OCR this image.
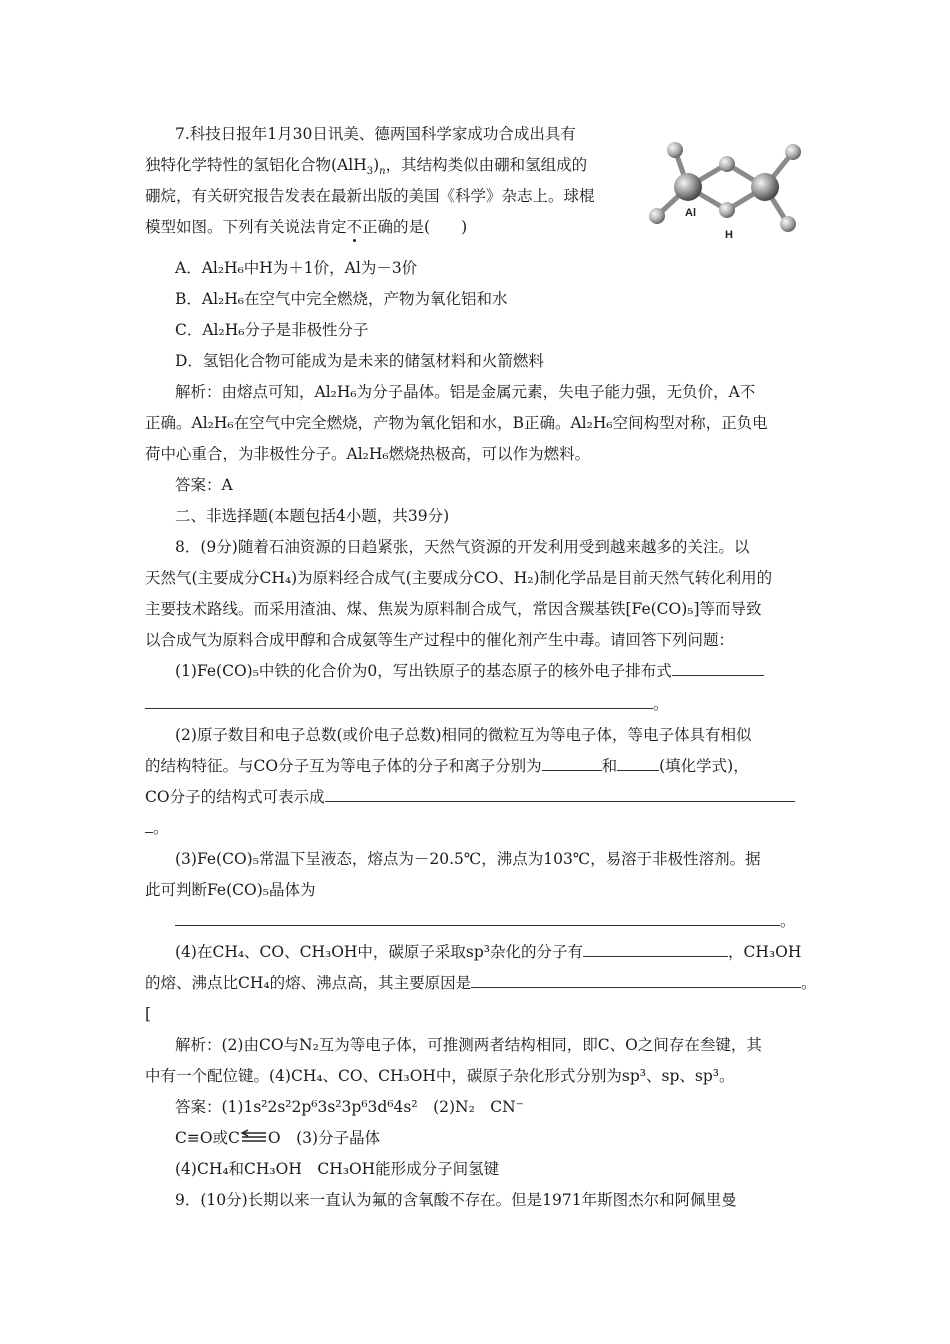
7.科技日报年1月30日讯美、德两国科学家成功合成出具有
独特化学特性的氢铝化合物$(AlH_3)_n$，其结构类似由硼和氢组成的
硼烷，有关研究报告发表在最新出版的美国《科学》杂志上。球棍
模型如图。下列有关说法肯定不正确的是(　　)
Al
H
A．Al₂H₆中H为＋1价，Al为－3价
B．Al₂H₆在空气中完全燃烧，产物为氧化铝和水
C．Al₂H₆分子是非极性分子
D．氢铝化合物可能成为是未来的储氢材料和火箭燃料
解析：由熔点可知，Al₂H₆为分子晶体。铝是金属元素，失电子能力强，无负价，A不
正确。Al₂H₆在空气中完全燃烧，产物为氧化铝和水，B正确。Al₂H₆空间构型对称，正负电
荷中心重合，为非极性分子。Al₂H₆燃烧热极高，可以作为燃料。
答案：A
二、非选择题(本题包括4小题，共39分)
8．(9分)随着石油资源的日趋紧张，天然气资源的开发利用受到越来越多的关注。以
天然气(主要成分CH₄)为原料经合成气(主要成分CO、H₂)制化学品是目前天然气转化利用的
主要技术路线。而采用渣油、煤、焦炭为原料制合成气，常因含羰基铁[Fe(CO)₅]等而导致
以合成气为原料合成甲醇和合成氨等生产过程中的催化剂产生中毒。请回答下列问题：
(1)Fe(CO)₅中铁的化合价为0，写出铁原子的基态原子的核外电子排布式
。
(2)原子数目和电子总数(或价电子总数)相同的微粒互为等电子体，等电子体具有相似
的结构特征。与CO分子互为等电子体的分子和离子分别为	和	(填化学式)，
CO分子的结构式可表示成
。
(3)Fe(CO)₅常温下呈液态，熔点为－20.5℃，沸点为103℃，易溶于非极性溶剂。据
此可判断Fe(CO)₅晶体为
。
(4)在CH₄、CO、CH₃OH中，碳原子采取sp³杂化的分子有	，CH₃OH
的熔、沸点比CH₄的熔、沸点高，其主要原因是	。
[
解析：(2)由CO与N₂互为等电子体，可推测两者结构相同，即C、O之间存在叁键，其
中有一个配位键。(4)CH₄、CO、CH₃OH中，碳原子杂化形式分别为sp³、sp、sp³。
答案：(1)1s²2s²2p⁶3s²3p⁶3d⁶4s²　(2)N₂　CN⁻
C≡O或C O　(3)分子晶体
(4)CH₄和CH₃OH　CH₃OH能形成分子间氢键
9．(10分)长期以来一直认为氟的含氧酸不存在。但是1971年斯图杰尔和阿佩里曼
